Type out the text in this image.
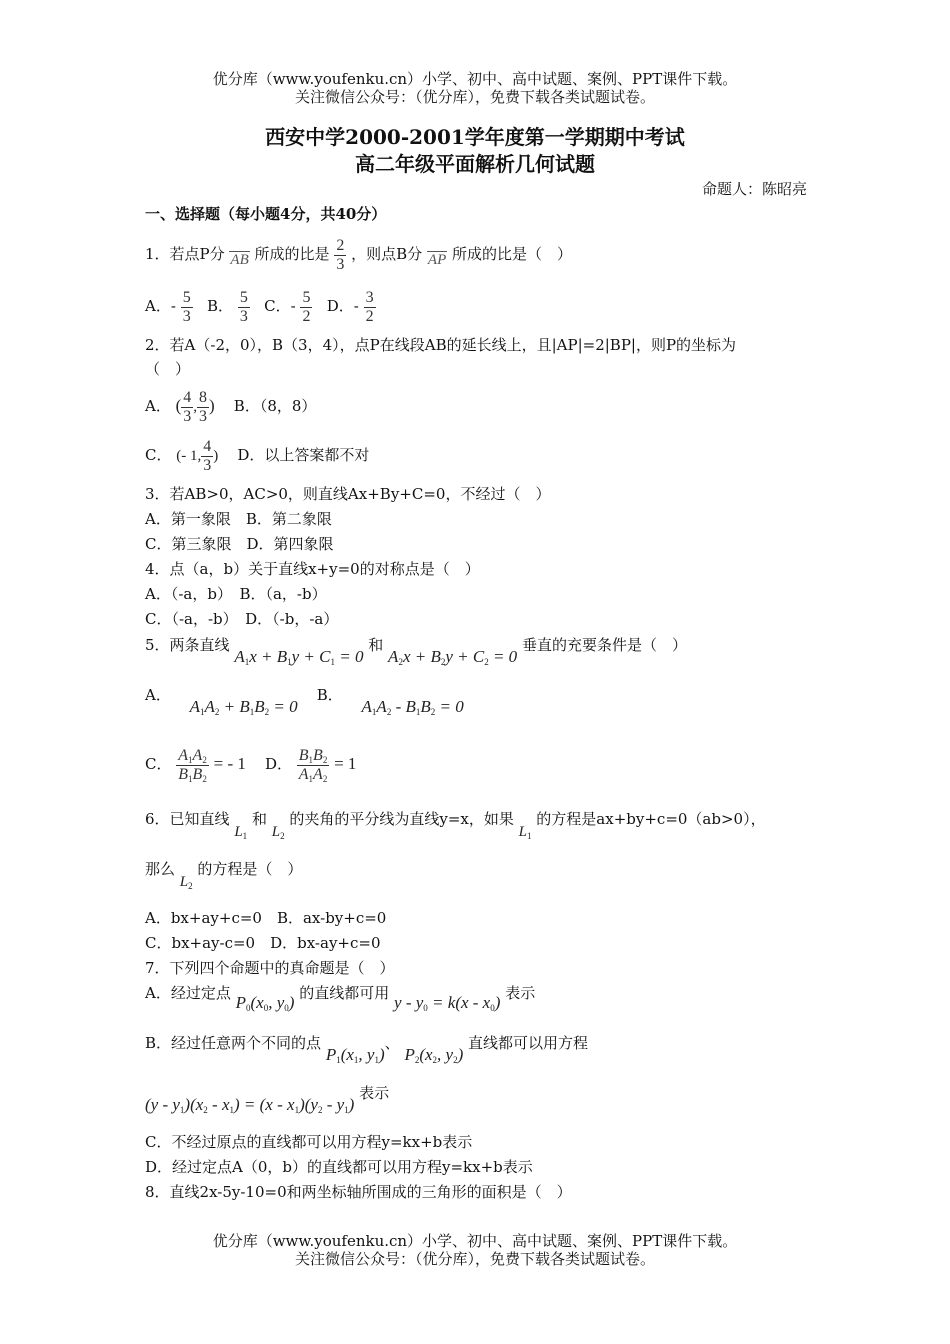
优分库（www.youfenku.cn）小学、初中、高中试题、案例、PPT课件下载。
关注微信公众号：（优分库），免费下载各类试题试卷。
西安中学2000-2001学年度第一学期期中考试
高二年级平面解析几何试题
命题人：陈昭亮
一、选择题（每小题4分，共40分）
1．若点P分 AB 所成的比是 $\frac{2}{3}$ ，则点B分 AP 所成的比是（　）
A．- $\frac{5}{3}$ B． $\frac{5}{3}$ C．- $\frac{5}{2}$ D．- $\frac{3}{2}$
2．若A（-2，0），B（3，4），点P在线段AB的延长线上，且|AP|=2|BP|，则P的坐标为
（　）
A． ( $\frac{4}{3}$ , $\frac{8}{3}$ ) B．（8，8）
C． (- 1, $\frac{4}{3}$ ) D．以上答案都不对
3．若AB>0，AC>0，则直线Ax+By+C=0，不经过（　）
A．第一象限　B．第二象限
C．第三象限　D．第四象限
4．点（a，b）关于直线x+y=0的对称点是（　）
A．（-a，b）　B．（a，-b）
C．（-a，-b）　D．（-b，-a）
5．两条直线 $A_1x + B_1y + C_1 = 0$ 和 $A_2x + B_2y + C_2 = 0$ 垂直的充要条件是（　）
A． $A_1A_2 + B_1B_2 = 0$    B． $A_1A_2 - B_1B_2 = 0$
C． $\frac{A_1A_2}{B_1B_2}$ = - 1 D． $\frac{B_1B_2}{A_1A_2} = 1$
6．已知直线 $L_1$ 和 $L_2$ 的夹角的平分线为直线y=x，如果 $L_1$ 的方程是ax+by+c=0（ab>0），
那么 $L_2$ 的方程是（　）
A．bx+ay+c=0　B．ax-by+c=0
C．bx+ay-c=0　D．bx-ay+c=0
7．下列四个命题中的真命题是（　）
A．经过定点 $P_0(x_0$, $y_0$) 的直线都可用 $y - y_0 = k(x - x_0)$ 表示
B．经过任意两个不同的点 $P_1(x_1$, $y_1$)、 $P_2(x_2$, $y_2$) 直线都可以用方程
$(y - y_1)(x_2 - x_1) = (x - x_1)(y_2 - y_1)$ 表示
C．不经过原点的直线都可以用方程y=kx+b表示
D．经过定点A（0，b）的直线都可以用方程y=kx+b表示
8．直线2x-5y-10=0和两坐标轴所围成的三角形的面积是（　）
优分库（www.youfenku.cn）小学、初中、高中试题、案例、PPT课件下载。
关注微信公众号：（优分库），免费下载各类试题试卷。
